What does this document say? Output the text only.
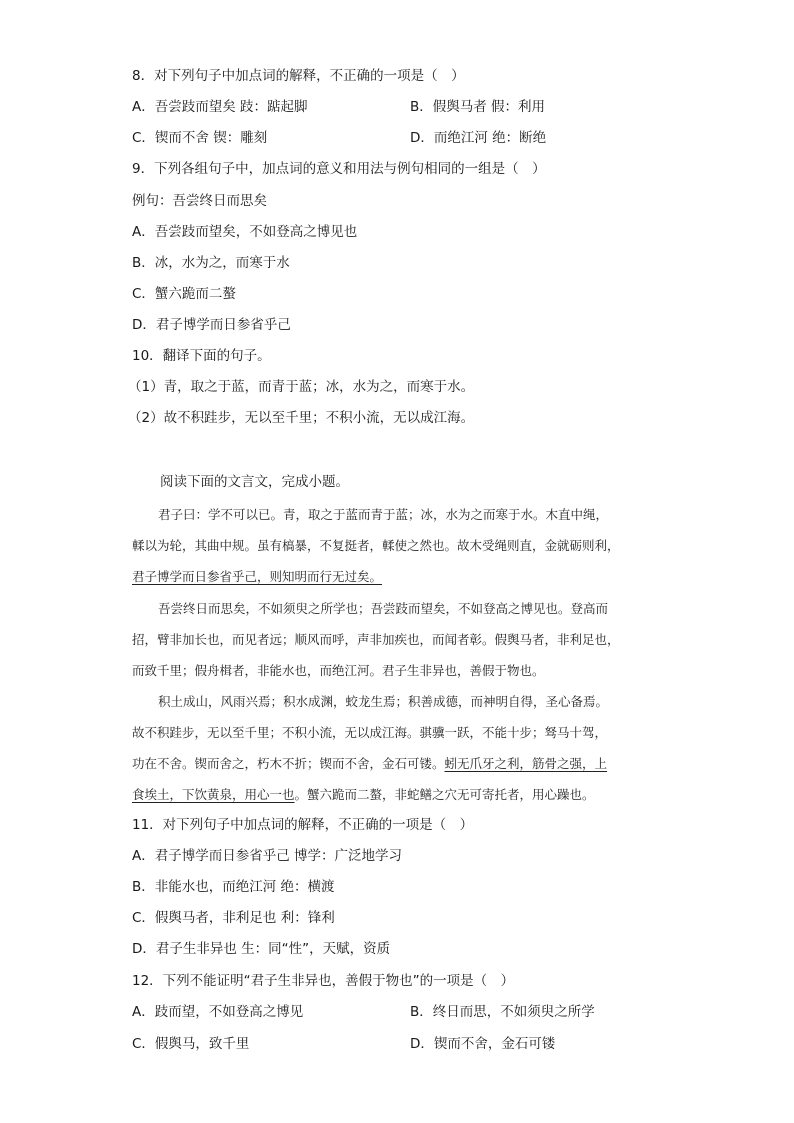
8．对下列句子中加点词的解释，不正确的一项是（　）
A．吾尝跂而望矣 跂：踮起脚	B．假舆马者 假：利用
C．锲而不舍 锲：雕刻	D．而绝江河 绝：断绝
9．下列各组句子中，加点词的意义和用法与例句相同的一组是（　）
例句：吾尝终日而思矣
A．吾尝跂而望矣，不如登高之博见也
B．冰，水为之，而寒于水
C．蟹六跪而二螯
D．君子博学而日参省乎己
10．翻译下面的句子。
（1）青，取之于蓝，而青于蓝；冰，水为之，而寒于水。
（2）故不积跬步，无以至千里；不积小流，无以成江海。
阅读下面的文言文，完成小题。
君子曰：学不可以已。青，取之于蓝而青于蓝；冰，水为之而寒于水。木直中绳，
輮以为轮，其曲中规。虽有槁暴，不复挺者，輮使之然也。故木受绳则直，金就砺则利，
君子博学而日参省乎己，则知明而行无过矣。
吾尝终日而思矣，不如须臾之所学也；吾尝跂而望矣，不如登高之博见也。登高而
招，臂非加长也，而见者远；顺风而呼，声非加疾也，而闻者彰。假舆马者，非利足也，
而致千里；假舟楫者，非能水也，而绝江河。君子生非异也，善假于物也。
积土成山，风雨兴焉；积水成渊，蛟龙生焉；积善成德，而神明自得，圣心备焉。
故不积跬步，无以至千里；不积小流，无以成江海。骐骥一跃，不能十步；驽马十驾，
功在不舍。锲而舍之，朽木不折；锲而不舍，金石可镂。蚓无爪牙之利，筋骨之强，上
食埃土，下饮黄泉，用心一也。蟹六跪而二螯，非蛇鳝之穴无可寄托者，用心躁也。
11．对下列句子中加点词的解释，不正确的一项是（　）
A．君子博学而日参省乎己 博学：广泛地学习
B．非能水也，而绝江河 绝：横渡
C．假舆马者，非利足也 利：锋利
D．君子生非异也 生：同“性”，天赋，资质
12．下列不能证明“君子生非异也，善假于物也”的一项是（　）
A．跂而望，不如登高之博见	B．终日而思，不如须臾之所学
C．假舆马，致千里	D．锲而不舍，金石可镂
